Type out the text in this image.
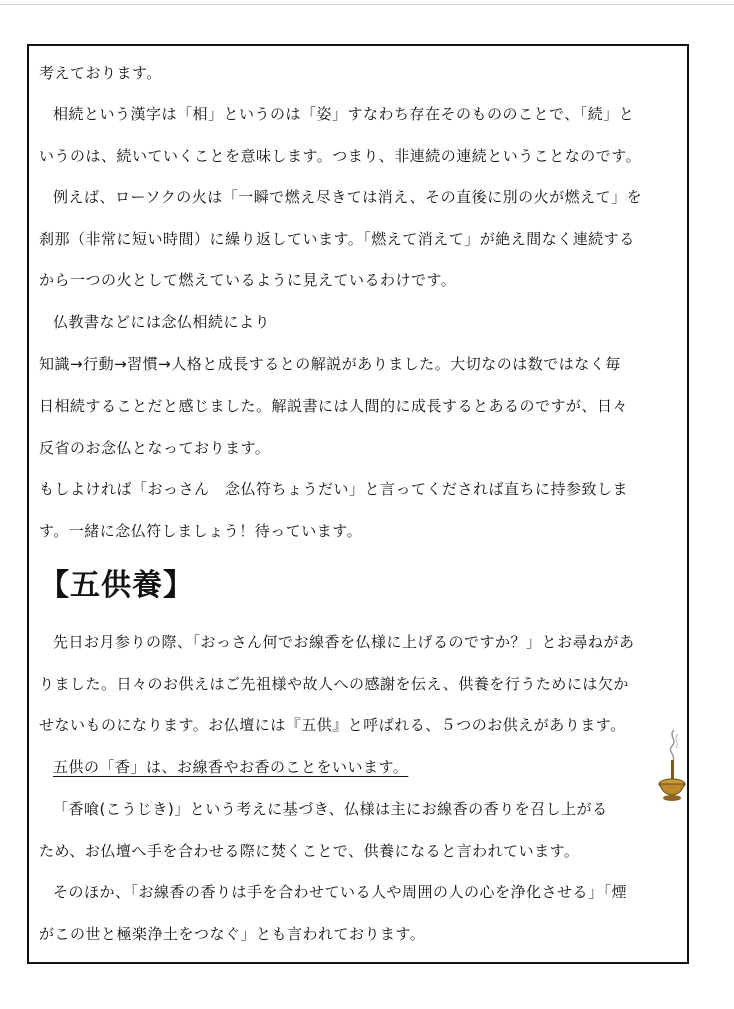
考えております。
相続という漢字は「相」というのは「姿」すなわち存在そのもののことで、「続」と
いうのは、続いていくことを意味します。つまり、非連続の連続ということなのです。
例えば、ローソクの火は「一瞬で燃え尽きては消え、その直後に別の火が燃えて」を
刹那（非常に短い時間）に繰り返しています。「燃えて消えて」が絶え間なく連続する
から一つの火として燃えているように見えているわけです。
仏教書などには念仏相続により
知識→行動→習慣→人格と成長するとの解説がありました。大切なのは数ではなく毎
日相続することだと感じました。解説書には人間的に成長するとあるのですが、日々
反省のお念仏となっております。
もしよければ「おっさん　念仏符ちょうだい」と言ってくだされば直ちに持参致しま
す。一緒に念仏符しましょう！待っています。
【五供養】
先日お月参りの際、「おっさん何でお線香を仏様に上げるのですか？」とお尋ねがあ
りました。日々のお供えはご先祖様や故人への感謝を伝え、供養を行うためには欠か
せないものになります。お仏壇には『五供』と呼ばれる、５つのお供えがあります。
五供の「香」は、お線香やお香のことをいいます。
「香喰(こうじき)」という考えに基づき、仏様は主にお線香の香りを召し上がる
ため、お仏壇へ手を合わせる際に焚くことで、供養になると言われています。
そのほか、「お線香の香りは手を合わせている人や周囲の人の心を浄化させる」「煙
がこの世と極楽浄土をつなぐ」とも言われております。
